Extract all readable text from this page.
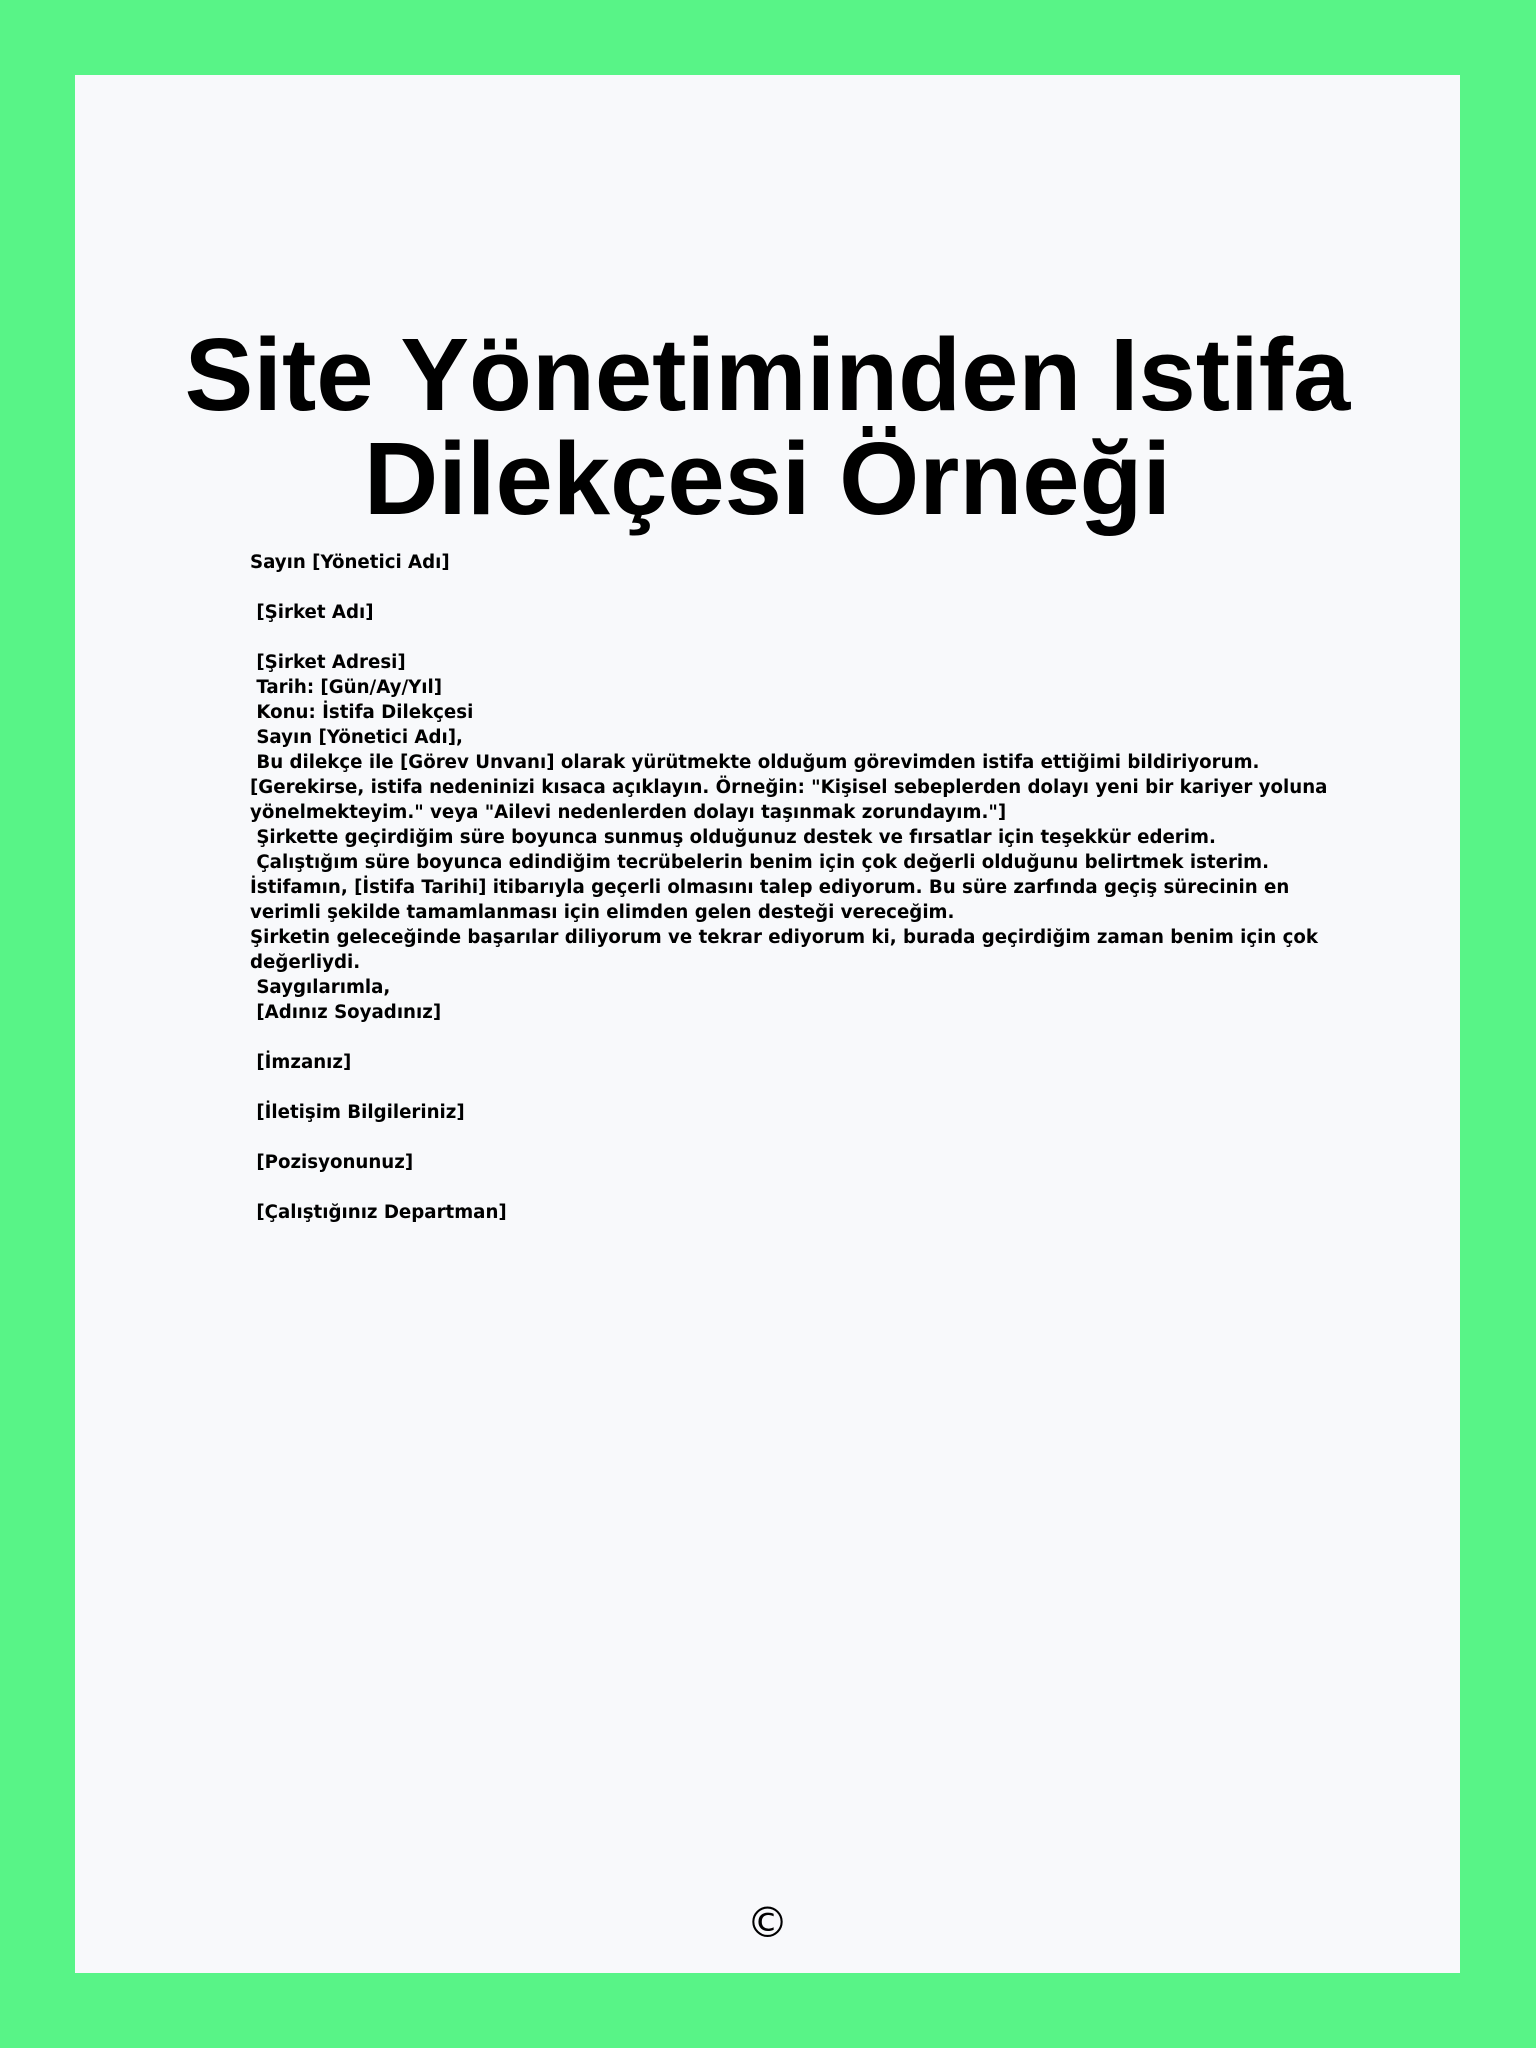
Site Yönetiminden Istifa
Dilekçesi Örneği
Sayın [Yönetici Adı]
[Şirket Adı]
[Şirket Adresi]
Tarih: [Gün/Ay/Yıl]
Konu: İstifa Dilekçesi
Sayın [Yönetici Adı],
Bu dilekçe ile [Görev Unvanı] olarak yürütmekte olduğum görevimden istifa ettiğimi bildiriyorum.
[Gerekirse, istifa nedeninizi kısaca açıklayın. Örneğin: "Kişisel sebeplerden dolayı yeni bir kariyer yoluna
yönelmekteyim." veya "Ailevi nedenlerden dolayı taşınmak zorundayım."]
Şirkette geçirdiğim süre boyunca sunmuş olduğunuz destek ve fırsatlar için teşekkür ederim.
Çalıştığım süre boyunca edindiğim tecrübelerin benim için çok değerli olduğunu belirtmek isterim.
İstifamın, [İstifa Tarihi] itibarıyla geçerli olmasını talep ediyorum. Bu süre zarfında geçiş sürecinin en
verimli şekilde tamamlanması için elimden gelen desteği vereceğim.
Şirketin geleceğinde başarılar diliyorum ve tekrar ediyorum ki, burada geçirdiğim zaman benim için çok
değerliydi.
Saygılarımla,
[Adınız Soyadınız]
[İmzanız]
[İletişim Bilgileriniz]
[Pozisyonunuz]
[Çalıştığınız Departman]
©
